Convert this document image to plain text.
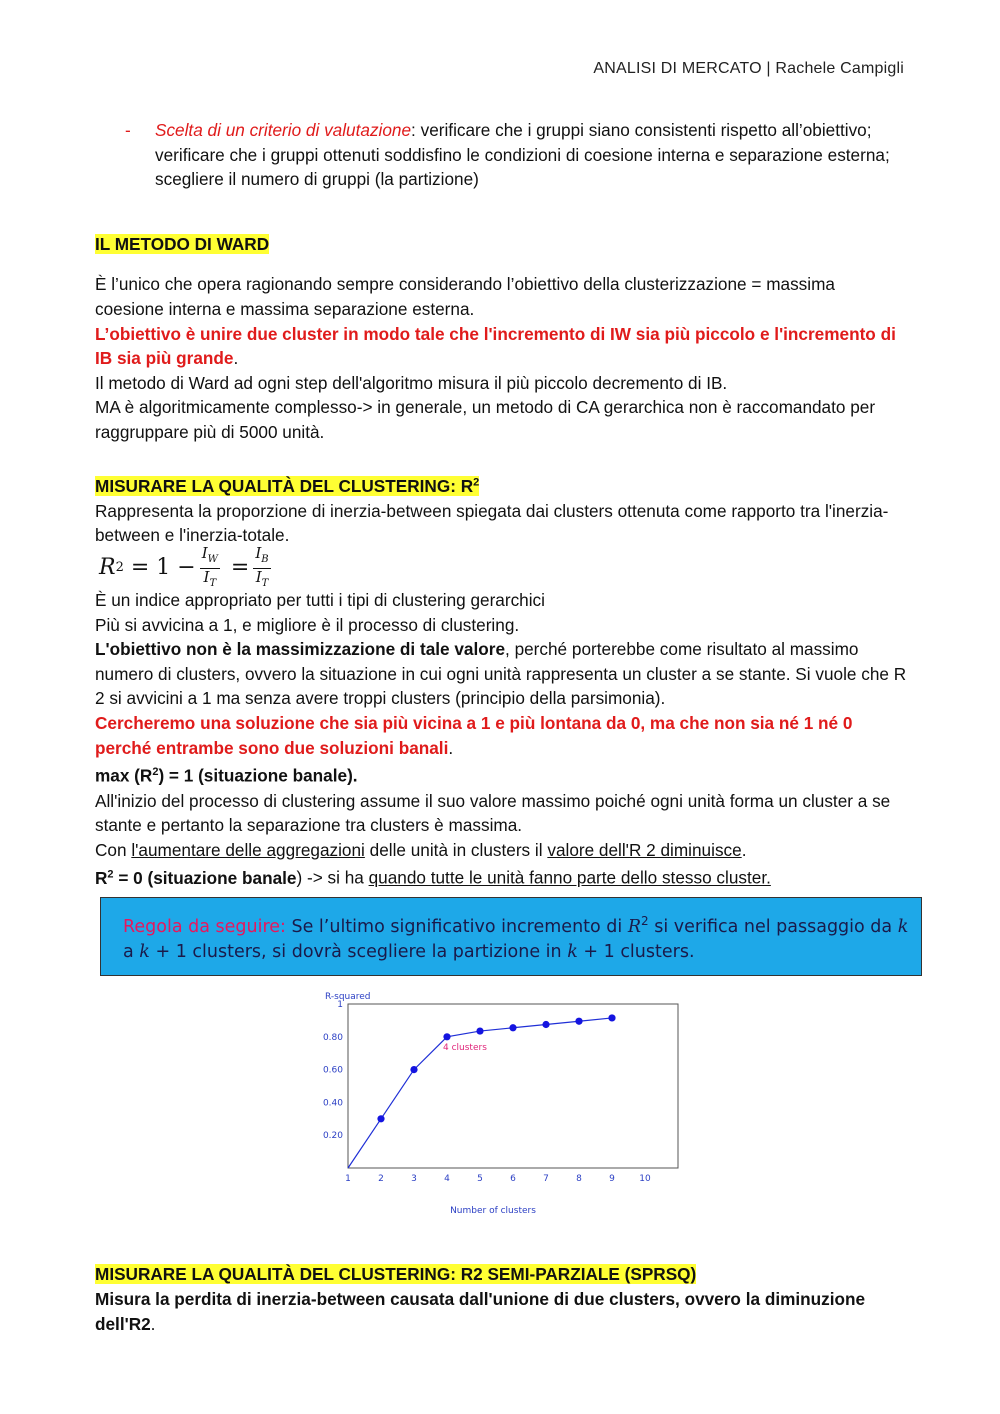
ANALISI DI MERCATO | Rachele Campigli
- Scelta di un criterio di valutazione: verificare che i gruppi siano consistenti rispetto all’obiettivo; verificare che i gruppi ottenuti soddisfino le condizioni di coesione interna e separazione esterna; scegliere il numero di gruppi (la partizione)
IL METODO DI WARD
È l’unico che opera ragionando sempre considerando l’obiettivo della clusterizzazione = massima coesione interna e massima separazione esterna.
L’obiettivo è unire due cluster in modo tale che l'incremento di IW sia più piccolo e l'incremento di IB sia più grande.
Il metodo di Ward ad ogni step dell'algoritmo misura il più piccolo decremento di IB.
MA è algoritmicamente complesso-> in generale, un metodo di CA gerarchica non è raccomandato per raggruppare più di 5000 unità.
MISURARE LA QUALITÀ DEL CLUSTERING: $R^2$
Rappresenta la proporzione di inerzia-between spiegata dai clusters ottenuta come rapporto tra l'inerzia-between e l'inerzia-totale.
R $2 = 1 - \frac{I_W}{I_T} = \frac{I_B}{I_T}$
È un indice appropriato per tutti i tipi di clustering gerarchici
Più si avvicina a 1, e migliore è il processo di clustering.
L'obiettivo non è la massimizzazione di tale valore, perché porterebbe come risultato al massimo numero di clusters, ovvero la situazione in cui ogni unità rappresenta un cluster a se stante. Si vuole che R 2 si avvicini a 1 ma senza avere troppi clusters (principio della parsimonia).
Cercheremo una soluzione che sia più vicina a 1 e più lontana da 0, ma che non sia né 1 né 0 perché entrambe sono due soluzioni banali.
$\max (R^2) = 1$ (situazione banale).
All'inizio del processo di clustering assume il suo valore massimo poiché ogni unità forma un cluster a se stante e pertanto la separazione tra clusters è massima.
Con l'aumentare delle aggregazioni delle unità in clusters il valore dell'R 2 diminuisce.
$R^2 = 0$ (situazione banale) -> si ha quando tutte le unità fanno parte dello stesso cluster.
Regola da seguire: Se l’ultimo significativo incremento di $R^2$ si verifica nel passaggio da k a k + 1 clusters, si dovrà scegliere la partizione in k + 1 clusters.
R-squared
0.20
0.40
0.60
0.80
1
1	2	3	4	5	6	7	8	9	10
Number of clusters
4 clusters
MISURARE LA QUALITÀ DEL CLUSTERING: R2 SEMI-PARZIALE (SPRSQ)
Misura la perdita di inerzia-between causata dall'unione di due clusters, ovvero la diminuzione dell'R2.
